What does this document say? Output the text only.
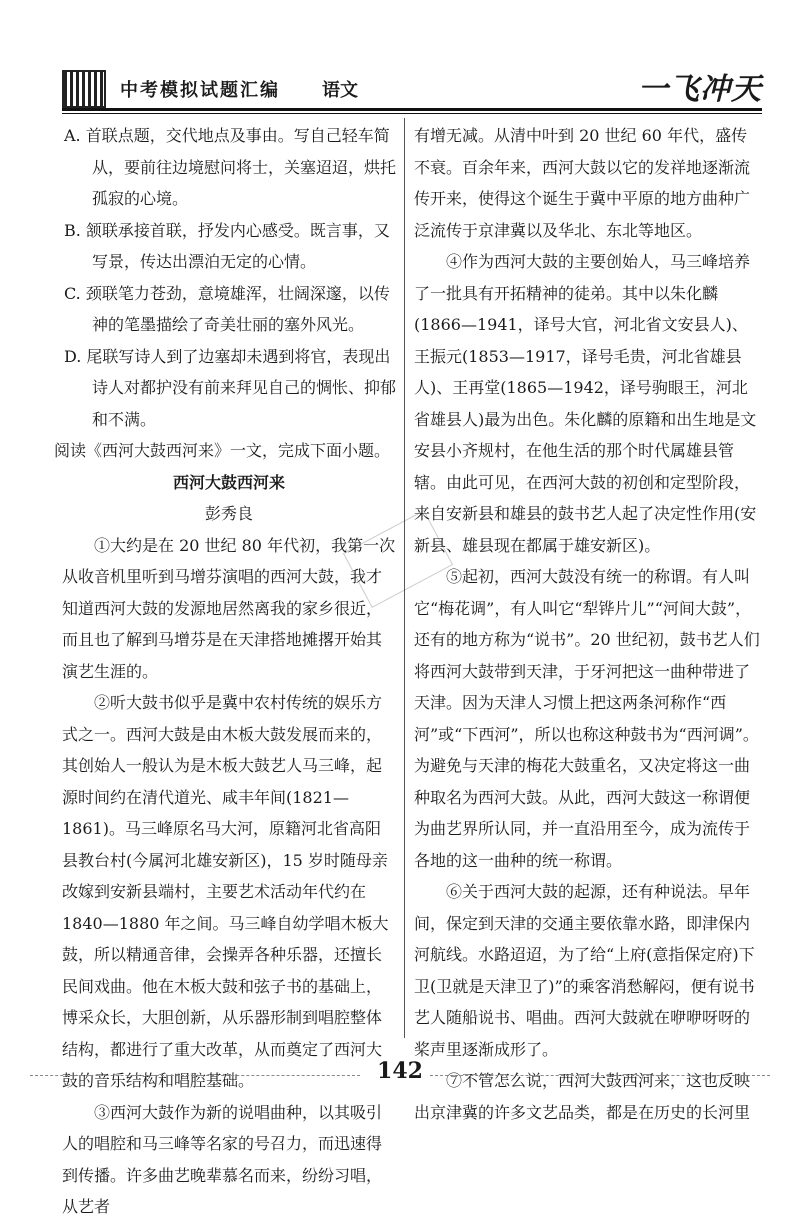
中考模拟试题汇编 语文	一飞冲天

A. 首联点题，交代地点及事由。写自己轻车简从，要前往边境慰问将士，关塞迢迢，烘托孤寂的心境。

B. 颔联承接首联，抒发内心感受。既言事，又写景，传达出漂泊无定的心情。

C. 颈联笔力苍劲，意境雄浑，壮阔深邃，以传神的笔墨描绘了奇美壮丽的塞外风光。

D. 尾联写诗人到了边塞却未遇到将官，表现出诗人对都护没有前来拜见自己的惆怅、抑郁和不满。

阅读《西河大鼓西河来》一文，完成下面小题。

西河大鼓西河来

彭秀良

①大约是在 20 世纪 80 年代初，我第一次从收音机里听到马增芬演唱的西河大鼓，我才知道西河大鼓的发源地居然离我的家乡很近，而且也了解到马增芬是在天津搭地摊撂开始其演艺生涯的。

②听大鼓书似乎是冀中农村传统的娱乐方式之一。西河大鼓是由木板大鼓发展而来的，其创始人一般认为是木板大鼓艺人马三峰，起源时间约在清代道光、咸丰年间(1821—1861)。马三峰原名马大河，原籍河北省高阳县教台村(今属河北雄安新区)，15 岁时随母亲改嫁到安新县端村，主要艺术活动年代约在 1840—1880 年之间。马三峰自幼学唱木板大鼓，所以精通音律，会操弄各种乐器，还擅长民间戏曲。他在木板大鼓和弦子书的基础上，博采众长，大胆创新，从乐器形制到唱腔整体结构，都进行了重大改革，从而奠定了西河大鼓的音乐结构和唱腔基础。

③西河大鼓作为新的说唱曲种，以其吸引人的唱腔和马三峰等名家的号召力，而迅速得到传播。许多曲艺晚辈慕名而来，纷纷习唱，从艺者

有增无减。从清中叶到 20 世纪 60 年代，盛传不衰。百余年来，西河大鼓以它的发祥地逐渐流传开来，使得这个诞生于冀中平原的地方曲种广泛流传于京津冀以及华北、东北等地区。

④作为西河大鼓的主要创始人，马三峰培养了一批具有开拓精神的徒弟。其中以朱化麟(1866—1941，译号大官，河北省文安县人)、王振元(1853—1917，译号毛贵，河北省雄县人)、王再堂(1865—1942，译号驹眼王，河北省雄县人)最为出色。朱化麟的原籍和出生地是文安县小齐规村，在他生活的那个时代属雄县管辖。由此可见，在西河大鼓的初创和定型阶段，来自安新县和雄县的鼓书艺人起了决定性作用(安新县、雄县现在都属于雄安新区)。

⑤起初，西河大鼓没有统一的称谓。有人叫它“梅花调”，有人叫它“犁铧片儿”“河间大鼓”，还有的地方称为“说书”。20 世纪初，鼓书艺人们将西河大鼓带到天津，于牙河把这一曲种带进了天津。因为天津人习惯上把这两条河称作“西河”或“下西河”，所以也称这种鼓书为“西河调”。为避免与天津的梅花大鼓重名，又决定将这一曲种取名为西河大鼓。从此，西河大鼓这一称谓便为曲艺界所认同，并一直沿用至今，成为流传于各地的这一曲种的统一称谓。

⑥关于西河大鼓的起源，还有种说法。早年间，保定到天津的交通主要依靠水路，即津保内河航线。水路迢迢，为了给“上府(意指保定府)下卫(卫就是天津卫了)”的乘客消愁解闷，便有说书艺人随船说书、唱曲。西河大鼓就在咿咿呀呀的桨声里逐渐成形了。

⑦不管怎么说，西河大鼓西河来，这也反映出京津冀的许多文艺品类，都是在历史的长河里

142
